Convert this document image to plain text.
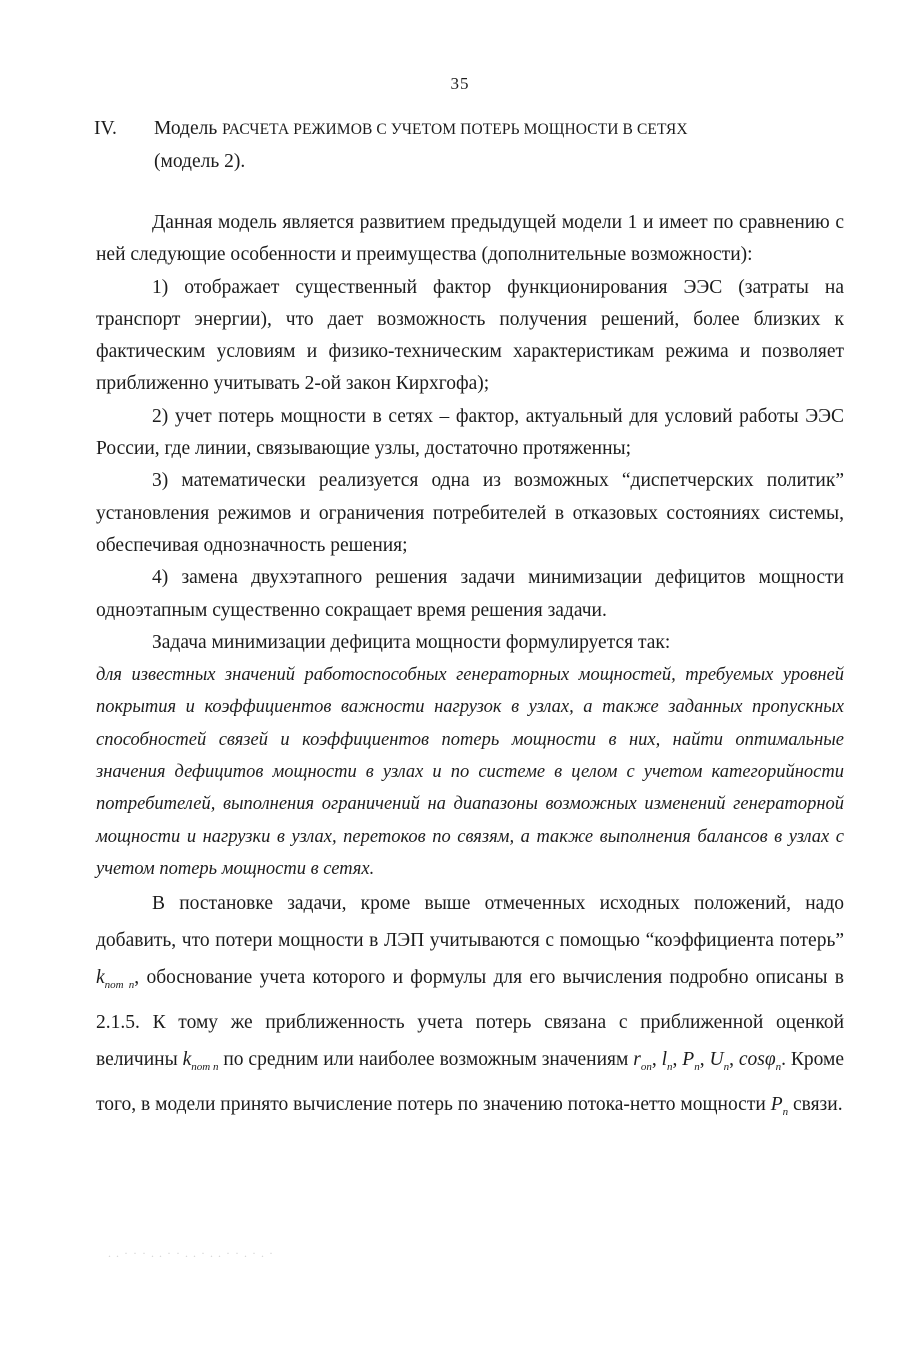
35
IV. Модель РАСЧЕТА РЕЖИМОВ С УЧЕТОМ ПОТЕРЬ МОЩНОСТИ В СЕТЯХ
(модель 2).

Данная модель является развитием предыдущей модели 1 и имеет по сравнению с ней следующие особенности и преимущества (дополнительные возможности):

1) отображает существенный фактор функционирования ЭЭС (затраты на транспорт энергии), что дает возможность получения решений, более близких к фактическим условиям и физико-техническим характеристикам режима и позволяет приближенно учитывать 2-ой закон Кирхгофа);

2) учет потерь мощности в сетях – фактор, актуальный для условий работы ЭЭС России, где линии, связывающие узлы, достаточно протяженны;

3) математически реализуется одна из возможных “диспетчерских политик” установления режимов и ограничения потребителей в отказовых состояниях системы, обеспечивая однозначность решения;

4) замена двухэтапного решения задачи минимизации дефицитов мощности одноэтапным существенно сокращает время решения задачи.

Задача минимизации дефицита мощности формулируется так:

для известных значений работоспособных генераторных мощностей, требуемых уровней покрытия и коэффициентов важности нагрузок в узлах, а также заданных пропускных способностей связей и коэффициентов потерь мощности в них, найти оптимальные значения дефицитов мощности в узлах и по системе в целом с учетом категорийности потребителей, выполнения ограничений на диапазоны возможных изменений генераторной мощности и нагрузки в узлах, перетоков по связям, а также выполнения балансов в узлах с учетом потерь мощности в сетях.

В постановке задачи, кроме выше отмеченных исходных положений, надо добавить, что потери мощности в ЛЭП учитываются с помощью “коэффициента потерь” $k_{пот n}$, обоснование учета которого и формулы для его вычисления подробно описаны в 2.1.5. К тому же приближенность учета потерь связана с приближенной оценкой величины $k_{пот n}$ по средним или наиболее возможным значениям $r_{оп}$, $l_n$, $P_n$, $U_n$, cosφ$_n$. Кроме того, в модели принято вычисление потерь по значению потока-нетто мощности $P_n$ связи.

. . · · · . . · · . . · . . · · . · . ·
